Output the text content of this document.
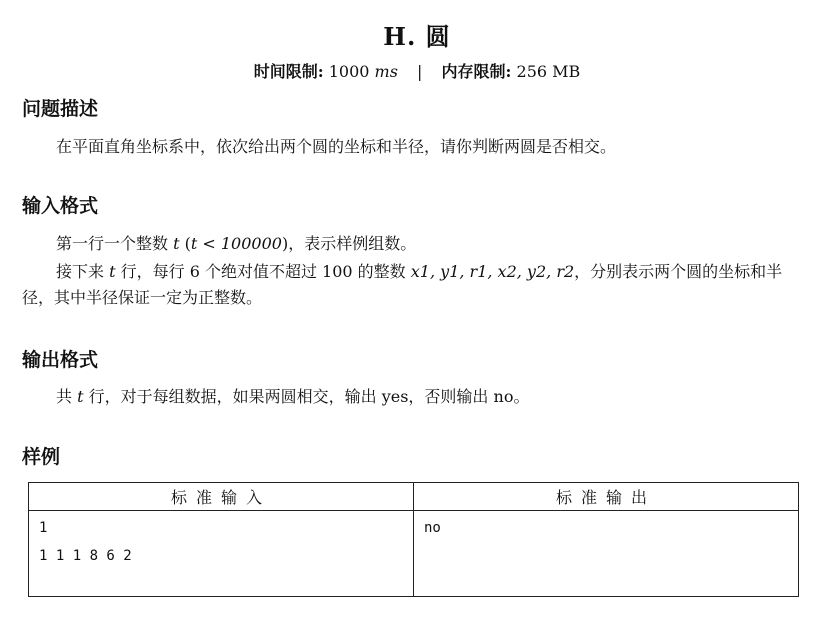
H. 圆
时间限制: 1000 ms | 内存限制: 256 MB
问题描述
在平面直角坐标系中，依次给出两个圆的坐标和半径，请你判断两圆是否相交。
输入格式
第一行一个整数 t (t < 100000)，表示样例组数。
接下来 t 行，每行 6 个绝对值不超过 100 的整数 x1, y1, r1, x2, y2, r2，分别表示两个圆的坐标和半径，其中半径保证一定为正整数。
输出格式
共 t 行，对于每组数据，如果两圆相交，输出 yes，否则输出 no。
样例
标准输入	标准输出
1
1 1 1 8 6 2	no
